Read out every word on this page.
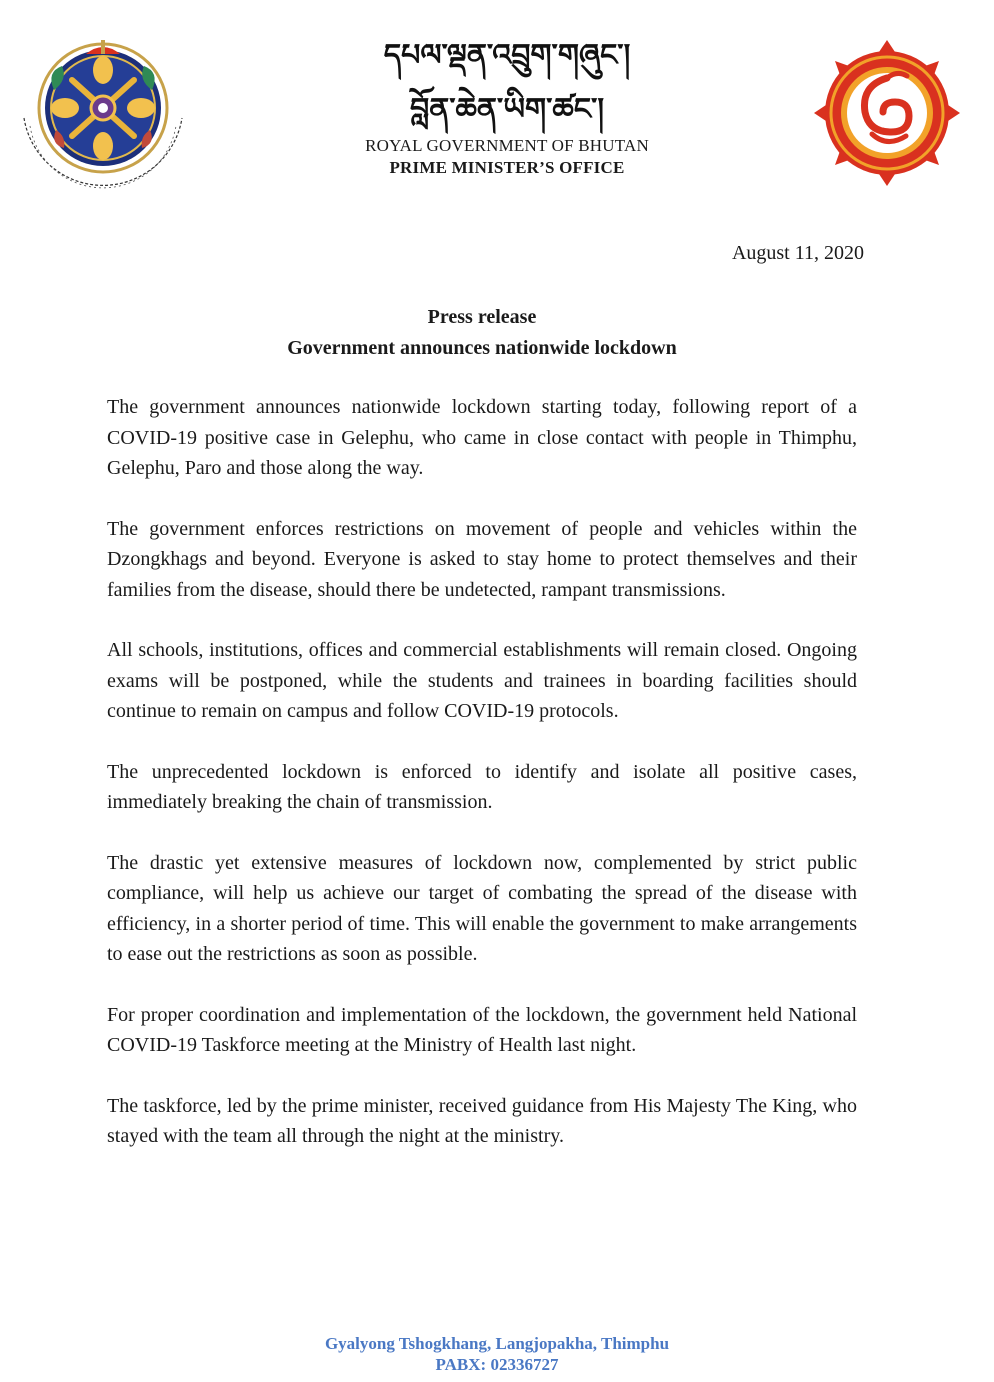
དཔལ་ལྡན་འབྲུག་གཞུང་།
བློན་ཆེན་ཡིག་ཚང་།
ROYAL GOVERNMENT OF BHUTAN
PRIME MINISTER’S OFFICE
August 11, 2020
Press release
Government announces nationwide lockdown

The government announces nationwide lockdown starting today, following report of a COVID-19 positive case in Gelephu, who came in close contact with people in Thimphu, Gelephu, Paro and those along the way.

The government enforces restrictions on movement of people and vehicles within the Dzongkhags and beyond. Everyone is asked to stay home to protect themselves and their families from the disease, should there be undetected, rampant transmissions.

All schools, institutions, offices and commercial establishments will remain closed. Ongoing exams will be postponed, while the students and trainees in boarding facilities should continue to remain on campus and follow COVID-19 protocols.

The unprecedented lockdown is enforced to identify and isolate all positive cases, immediately breaking the chain of transmission.

The drastic yet extensive measures of lockdown now, complemented by strict public compliance, will help us achieve our target of combating the spread of the disease with efficiency, in a shorter period of time. This will enable the government to make arrangements to ease out the restrictions as soon as possible.

For proper coordination and implementation of the lockdown, the government held National COVID-19 Taskforce meeting at the Ministry of Health last night.

The taskforce, led by the prime minister, received guidance from His Majesty The King, who stayed with the team all through the night at the ministry.

Gyalyong Tshogkhang, Langjopakha, Thimphu
PABX: 02336727
